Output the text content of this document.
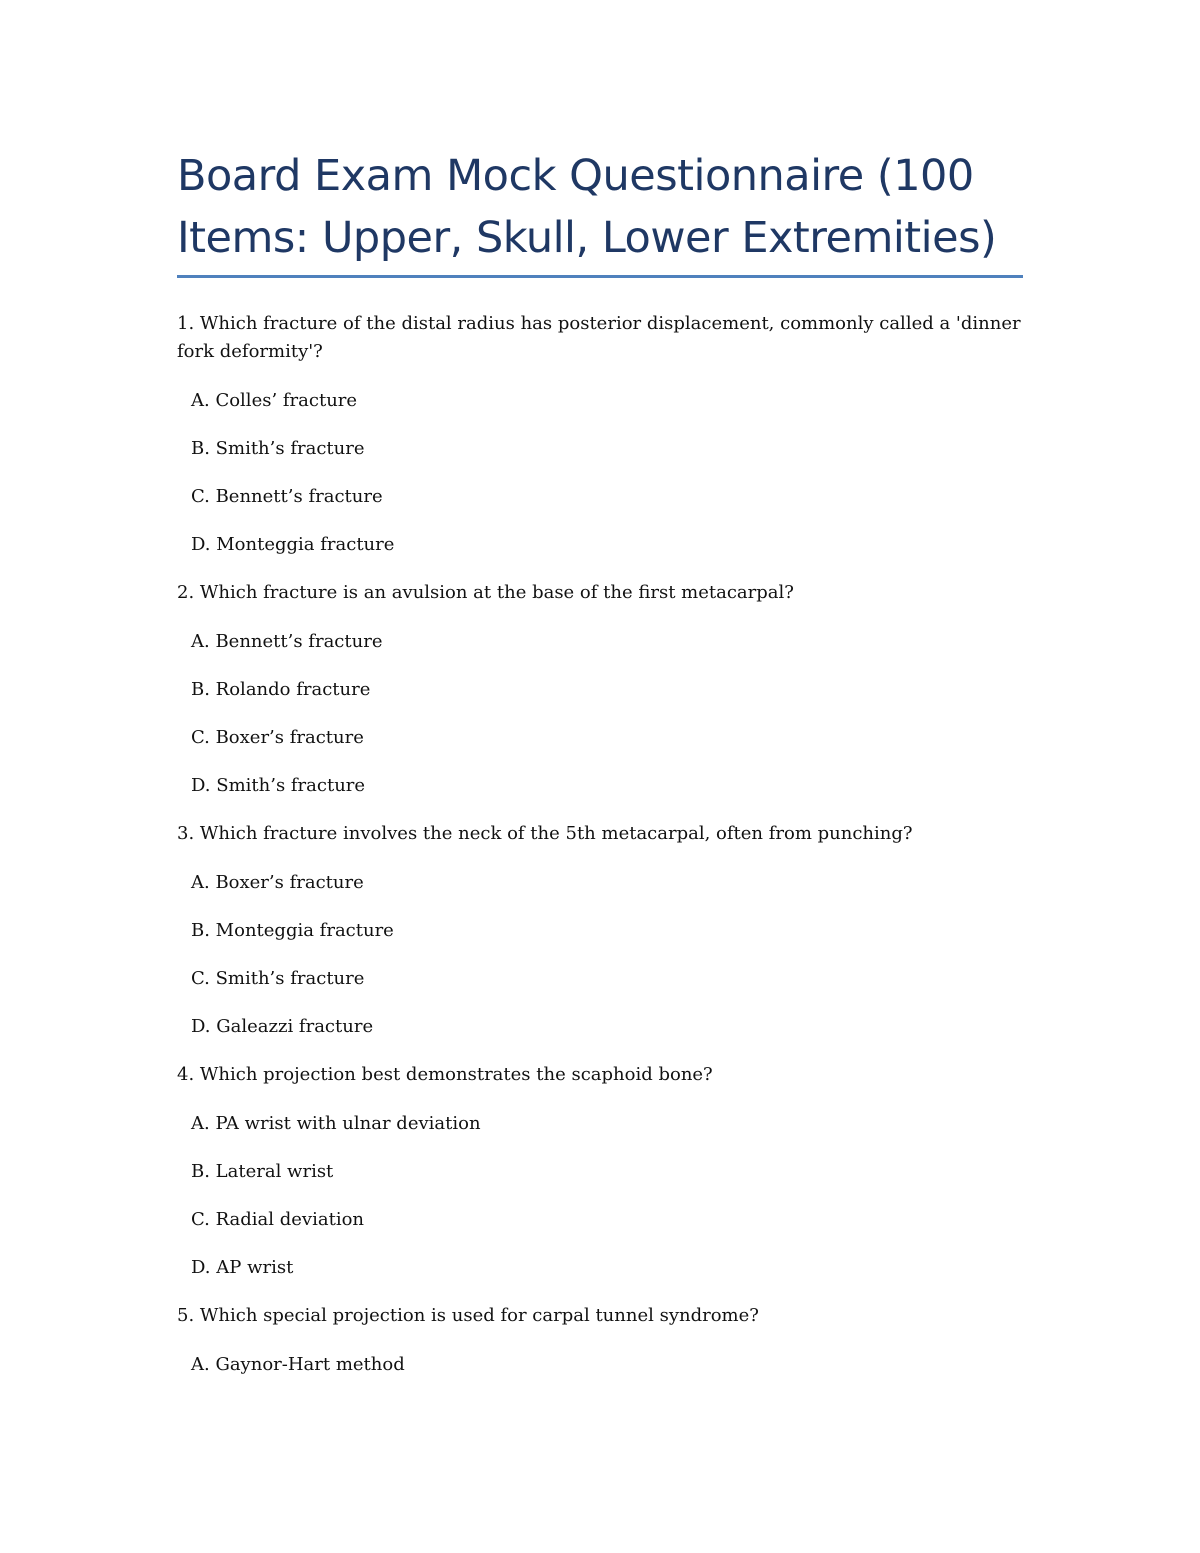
Board Exam Mock Questionnaire (100 Items: Upper, Skull, Lower Extremities)

1. Which fracture of the distal radius has posterior displacement, commonly called a 'dinner fork deformity'?

A. Colles’ fracture

B. Smith’s fracture

C. Bennett’s fracture

D. Monteggia fracture

2. Which fracture is an avulsion at the base of the first metacarpal?

A. Bennett’s fracture

B. Rolando fracture

C. Boxer’s fracture

D. Smith’s fracture

3. Which fracture involves the neck of the 5th metacarpal, often from punching?

A. Boxer’s fracture

B. Monteggia fracture

C. Smith’s fracture

D. Galeazzi fracture

4. Which projection best demonstrates the scaphoid bone?

A. PA wrist with ulnar deviation

B. Lateral wrist

C. Radial deviation

D. AP wrist

5. Which special projection is used for carpal tunnel syndrome?

A. Gaynor-Hart method
